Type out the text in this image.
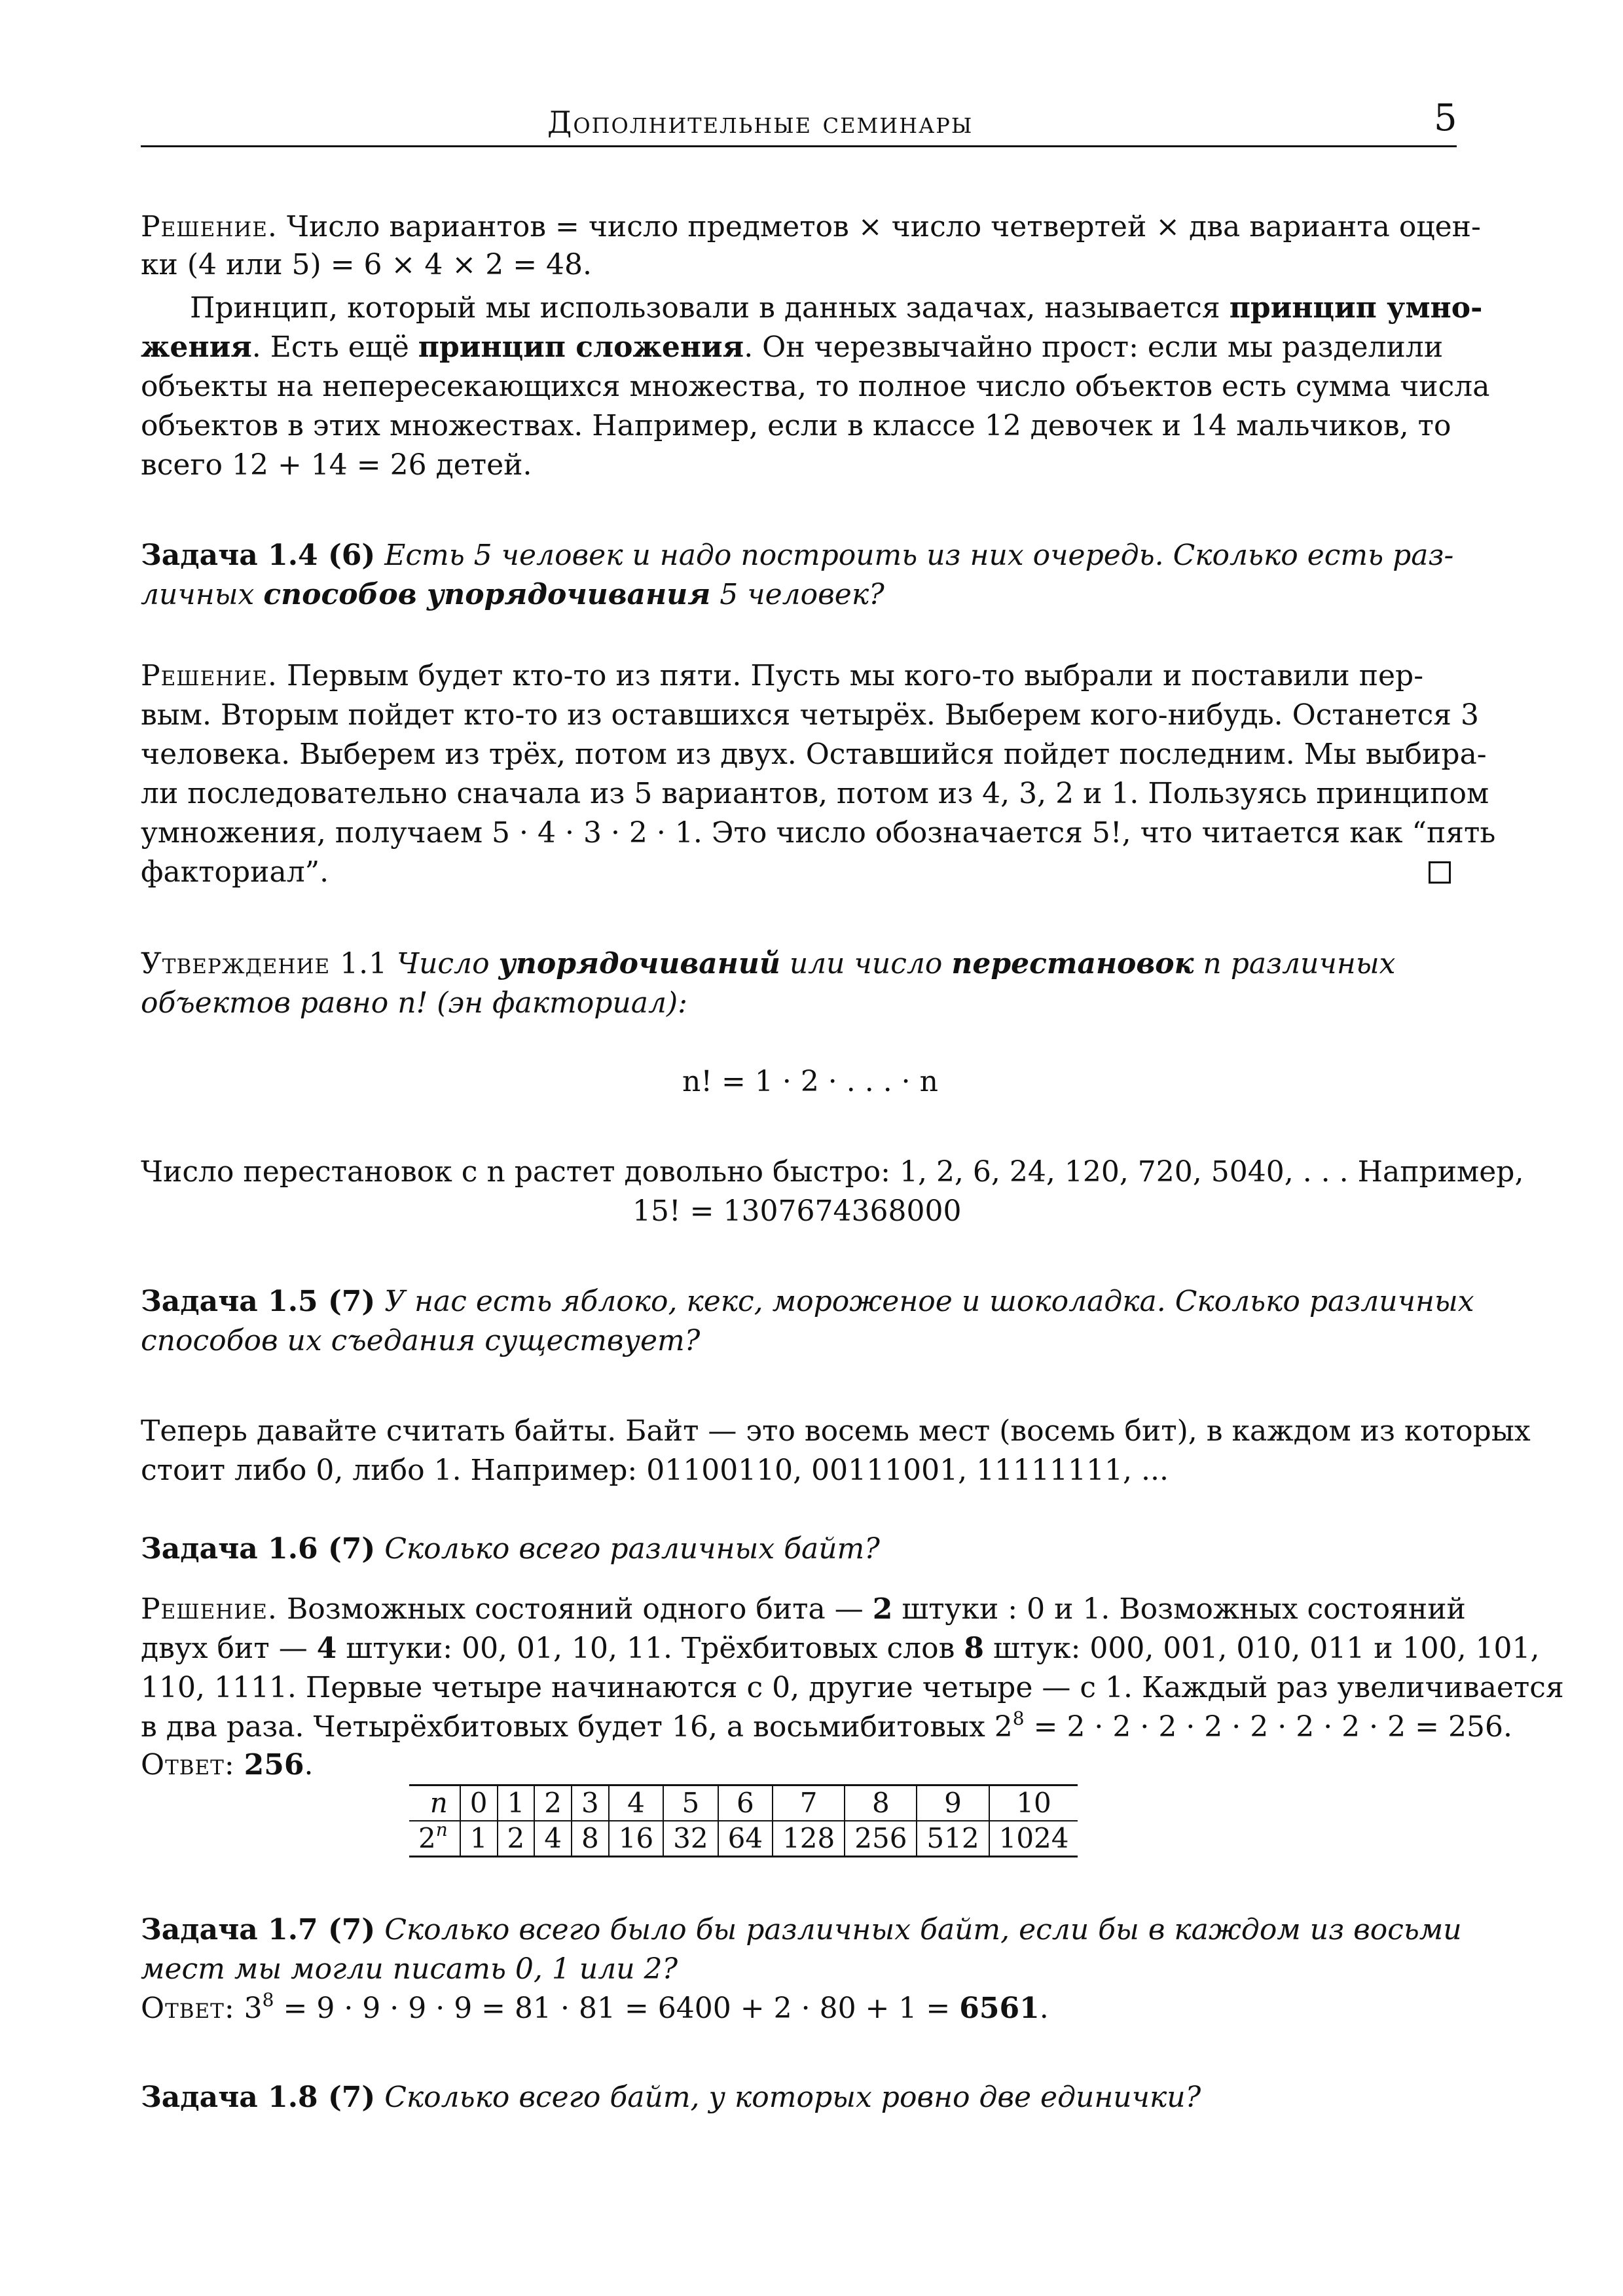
Дополнительные семинары	5
Решение. Число вариантов = число предметов × число четвертей × два варианта оцен-
ки (4 или 5) = 6 × 4 × 2 = 48.
Принцип, который мы использовали в данных задачах, называется принцип умно-
жения. Есть ещё принцип сложения. Он черезвычайно прост: если мы разделили
объекты на непересекающихся множества, то полное число объектов есть сумма числа
объектов в этих множествах. Например, если в классе 12 девочек и 14 мальчиков, то
всего 12 + 14 = 26 детей.
Задача 1.4 (6) Есть 5 человек и надо построить из них очередь. Сколько есть раз-
личных способов упорядочивания 5 человек?
Решение. Первым будет кто-то из пяти. Пусть мы кого-то выбрали и поставили пер-
вым. Вторым пойдет кто-то из оставшихся четырёх. Выберем кого-нибудь. Останется 3
человека. Выберем из трёх, потом из двух. Оставшийся пойдет последним. Мы выбира-
ли последовательно сначала из 5 вариантов, потом из 4, 3, 2 и 1. Пользуясь принципом
умножения, получаем 5 · 4 · 3 · 2 · 1. Это число обозначается 5!, что читается как “пять
факториал”.
Утверждение 1.1 Число упорядочиваний или число перестановок n различных
объектов равно n! (эн факториал):
n! = 1 · 2 · . . . · n
Число перестановок с n растет довольно быстро: 1, 2, 6, 24, 120, 720, 5040, . . . Например,
15! = 1307674368000
Задача 1.5 (7) У нас есть яблоко, кекс, мороженое и шоколадка. Сколько различных
способов их съедания существует?
Теперь давайте считать байты. Байт — это восемь мест (восемь бит), в каждом из которых
стоит либо 0, либо 1. Например: 01100110, 00111001, 11111111, ...
Задача 1.6 (7) Сколько всего различных байт?
Решение. Возможных состояний одного бита — 2 штуки : 0 и 1. Возможных состояний
двух бит — 4 штуки: 00, 01, 10, 11. Трёхбитовых слов 8 штук: 000, 001, 010, 011 и 100, 101,
110, 1111. Первые четыре начинаются с 0, другие четыре — с 1. Каждый раз увеличивается
в два раза. Четырёхбитовых будет 16, а восьмибитовых $2^8 = 2 \cdot 2 \cdot 2 \cdot 2 \cdot 2 \cdot 2 \cdot 2 \cdot 2 = 256$.
Ответ: 256.
n	0	1	2	3	4	5	6	7	8	9	10
2$^n$	1	2	4	8	16	32	64	128	256	512	1024
Задача 1.7 (7) Сколько всего было бы различных байт, если бы в каждом из восьми
мест мы могли писать 0, 1 или 2?
Ответ: $3^8 = 9 \cdot 9 \cdot 9 \cdot 9 = 81 \cdot 81 = 6400 + 2 \cdot 80 + 1 = 6561$.
Задача 1.8 (7) Сколько всего байт, у которых ровно две единички?
